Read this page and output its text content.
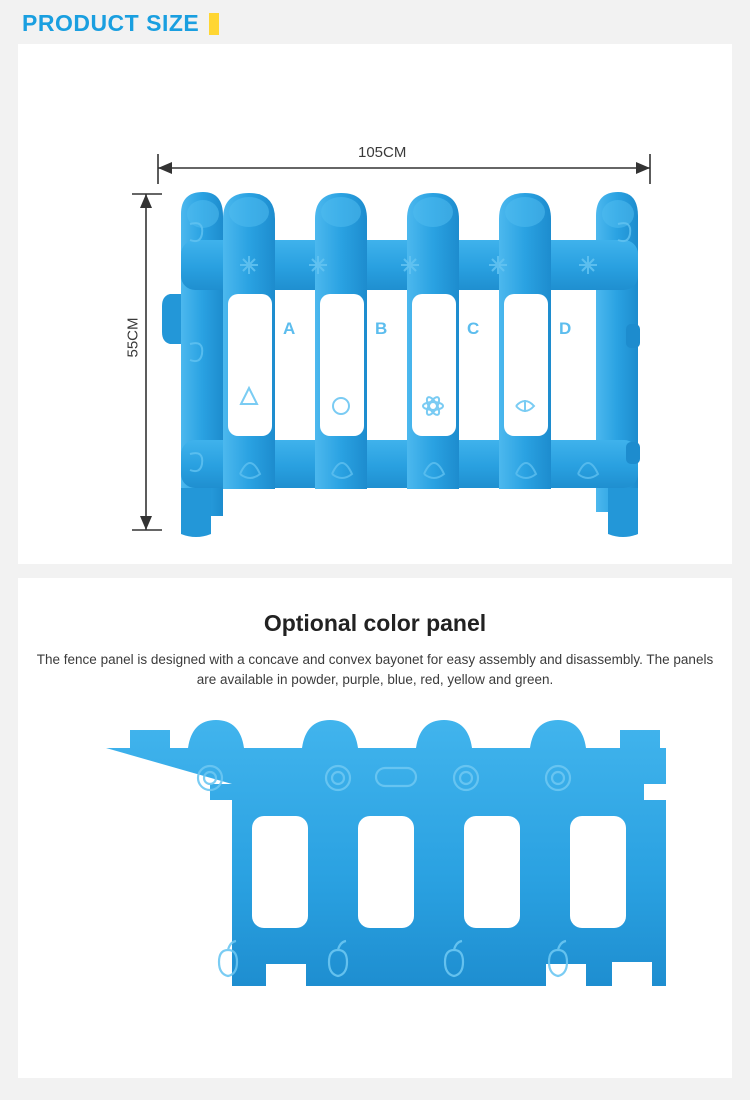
PRODUCT SIZE
A	B	C	D
105CM
55CM
Optional color panel
The fence panel is designed with a concave and convex bayonet for easy assembly and disassembly. The panels are available in powder, purple, blue, red, yellow and green.
